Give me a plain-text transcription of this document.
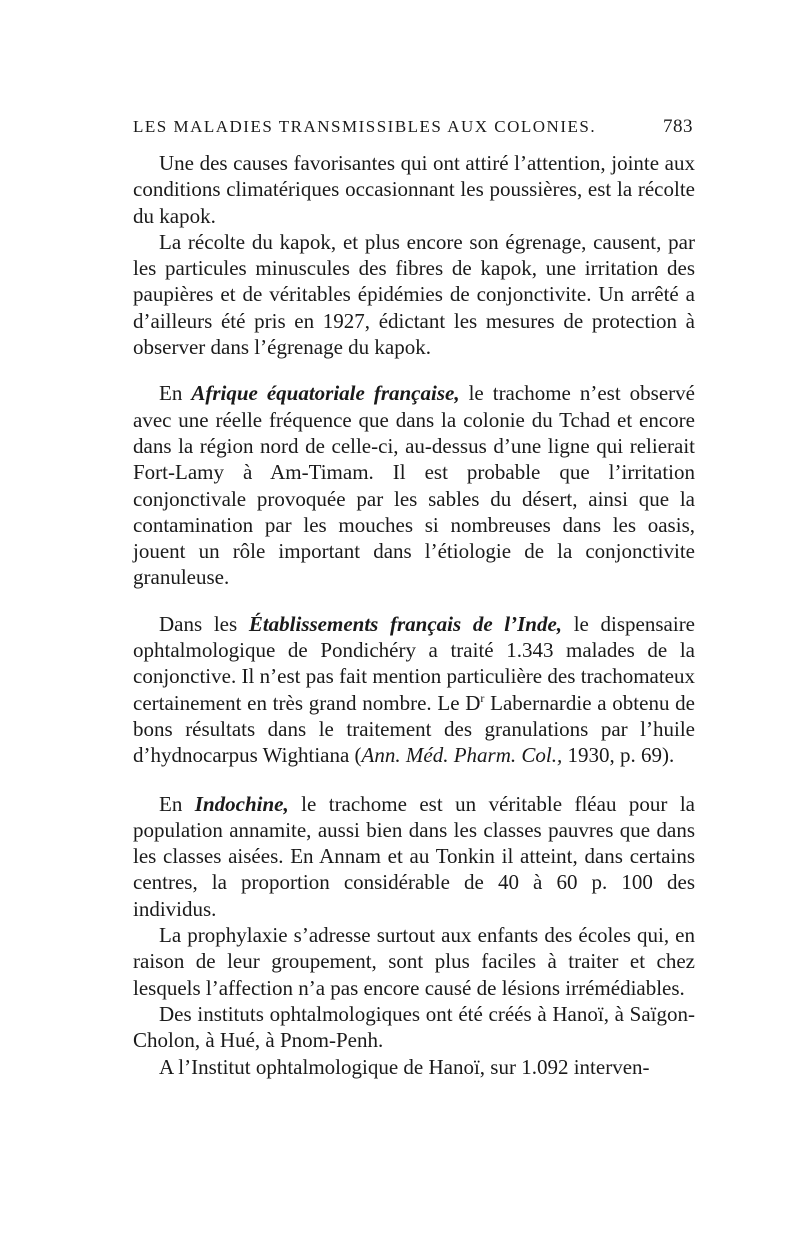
LES MALADIES TRANSMISSIBLES AUX COLONIES.	783

Une des causes favorisantes qui ont attiré l’attention, jointe aux conditions climatériques occasionnant les poussières, est la récolte du kapok.

La récolte du kapok, et plus encore son égrenage, causent, par les particules minuscules des fibres de kapok, une irritation des paupières et de véritables épidémies de conjonctivite. Un arrêté a d’ailleurs été pris en 1927, édictant les mesures de protection à observer dans l’égrenage du kapok.

En Afrique équatoriale française, le trachome n’est observé avec une réelle fréquence que dans la colonie du Tchad et encore dans la région nord de celle-ci, au-dessus d’une ligne qui relierait Fort-Lamy à Am-Timam. Il est probable que l’irritation conjonctivale provoquée par les sables du désert, ainsi que la contamination par les mouches si nombreuses dans les oasis, jouent un rôle important dans l’étiologie de la conjonctivite granuleuse.

Dans les Établissements français de l’Inde, le dispensaire ophtalmologique de Pondichéry a traité 1.343 malades de la conjonctive. Il n’est pas fait mention particulière des trachomateux certainement en très grand nombre. Le $D^r$ Labernardie a obtenu de bons résultats dans le traitement des granulations par l’huile d’hydnocarpus Wightiana (Ann. Méd. Pharm. Col., 1930, p. 69).

En Indochine, le trachome est un véritable fléau pour la population annamite, aussi bien dans les classes pauvres que dans les classes aisées. En Annam et au Tonkin il atteint, dans certains centres, la proportion considérable de 40 à 60 p. 100 des individus.

La prophylaxie s’adresse surtout aux enfants des écoles qui, en raison de leur groupement, sont plus faciles à traiter et chez lesquels l’affection n’a pas encore causé de lésions irrémédiables.

Des instituts ophtalmologiques ont été créés à Hanoï, à Saïgon-Cholon, à Hué, à Pnom-Penh.

A l’Institut ophtalmologique de Hanoï, sur 1.092 interven-
